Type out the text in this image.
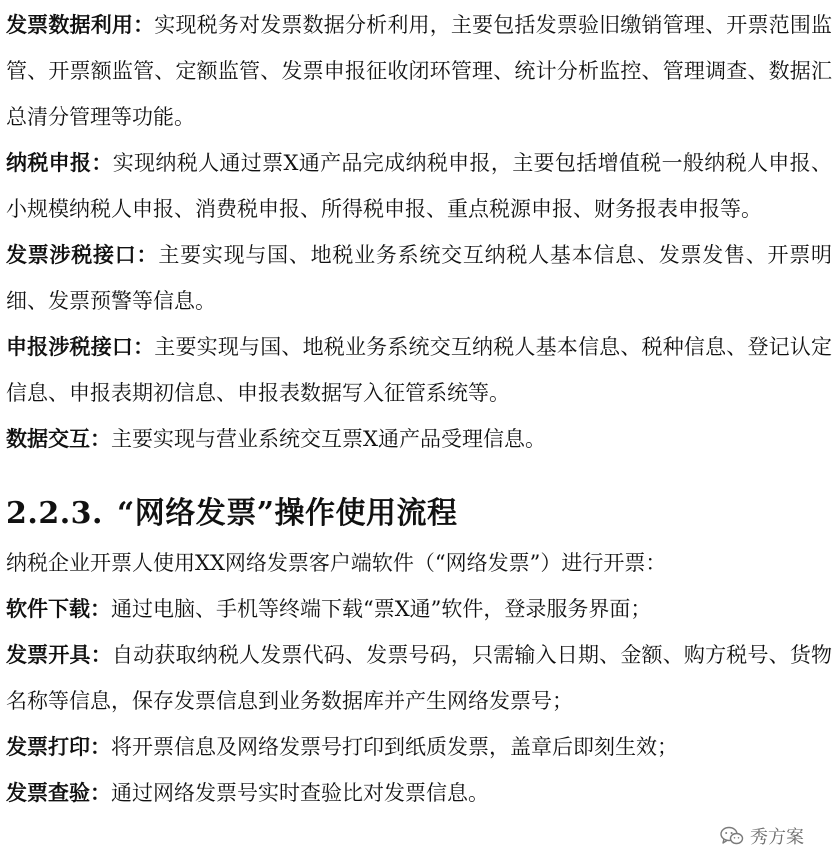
发票数据利用：实现税务对发票数据分析利用，主要包括发票验旧缴销管理、开票范围监管、开票额监管、定额监管、发票申报征收闭环管理、统计分析监控、管理调查、数据汇总清分管理等功能。

纳税申报：实现纳税人通过票X通产品完成纳税申报，主要包括增值税一般纳税人申报、小规模纳税人申报、消费税申报、所得税申报、重点税源申报、财务报表申报等。

发票涉税接口：主要实现与国、地税业务系统交互纳税人基本信息、发票发售、开票明细、发票预警等信息。

申报涉税接口：主要实现与国、地税业务系统交互纳税人基本信息、税种信息、登记认定信息、申报表期初信息、申报表数据写入征管系统等。

数据交互：主要实现与营业系统交互票X通产品受理信息。

2.2.3. “网络发票”操作使用流程

纳税企业开票人使用XX网络发票客户端软件（“网络发票”）进行开票：

软件下载：通过电脑、手机等终端下载“票X通”软件，登录服务界面；

发票开具：自动获取纳税人发票代码、发票号码，只需输入日期、金额、购方税号、货物名称等信息，保存发票信息到业务数据库并产生网络发票号；

发票打印：将开票信息及网络发票号打印到纸质发票，盖章后即刻生效；

发票查验：通过网络发票号实时查验比对发票信息。

秀方案
